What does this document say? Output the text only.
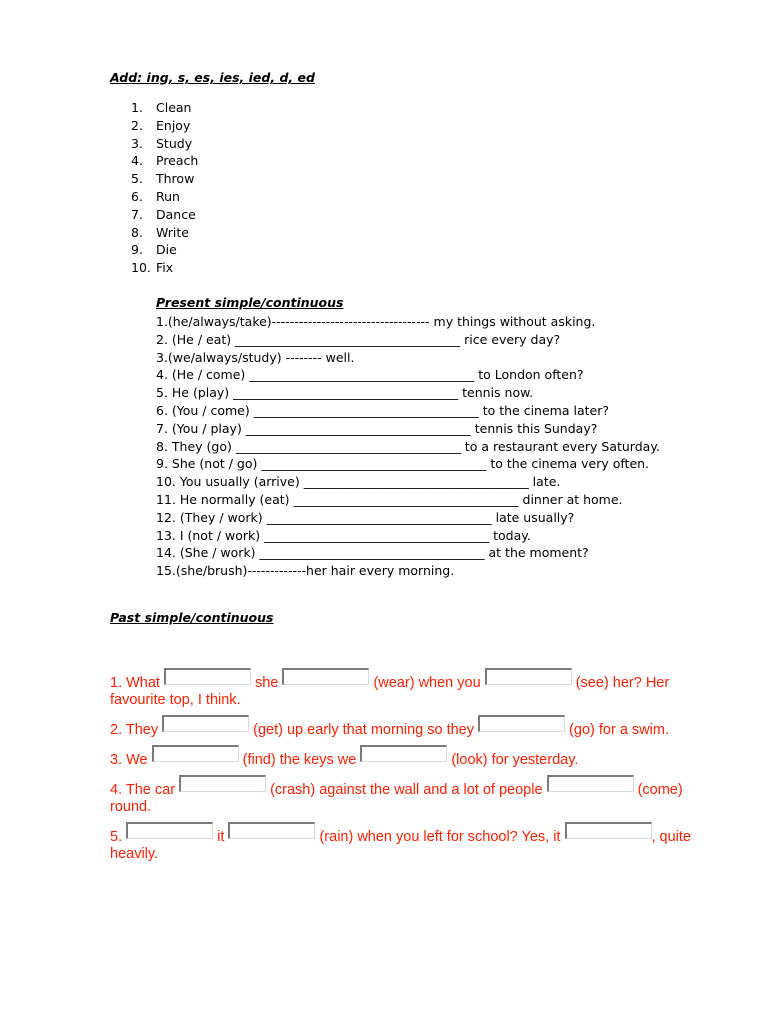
Add: ing, s, es, ies, ied, d, ed

1. Clean
2. Enjoy
3. Study
4. Preach
5. Throw
6. Run
7. Dance
8. Write
9. Die
10. Fix

Present simple/continuous

1.(he/always/take)----------------------------------- my things without asking.
2. (He / eat) ____________________________________ rice every day?
3.(we/always/study) -------- well.
4. (He / come) ____________________________________ to London often?
5. He (play) ____________________________________ tennis now.
6. (You / come) ____________________________________ to the cinema later?
7. (You / play) ____________________________________ tennis this Sunday?
8. They (go) ____________________________________ to a restaurant every Saturday.
9. She (not / go) ____________________________________ to the cinema very often.
10. You usually (arrive) ____________________________________ late.
11. He normally (eat) ____________________________________ dinner at home.
12. (They / work) ____________________________________ late usually?
13. I (not / work) ____________________________________ today.
14. (She / work) ____________________________________ at the moment?
15.(she/brush)-------------her hair every morning.

Past simple/continuous

1. What	she	(wear) when you	(see) her? Her favourite top, I think.
2. They	(get) up early that morning so they	(go) for a swim.
3. We	(find) the keys we	(look) for yesterday.
4. The car	(crash) against the wall and a lot of people	(come) round.
5.	it	(rain) when you left for school? Yes, it	, quite heavily.
